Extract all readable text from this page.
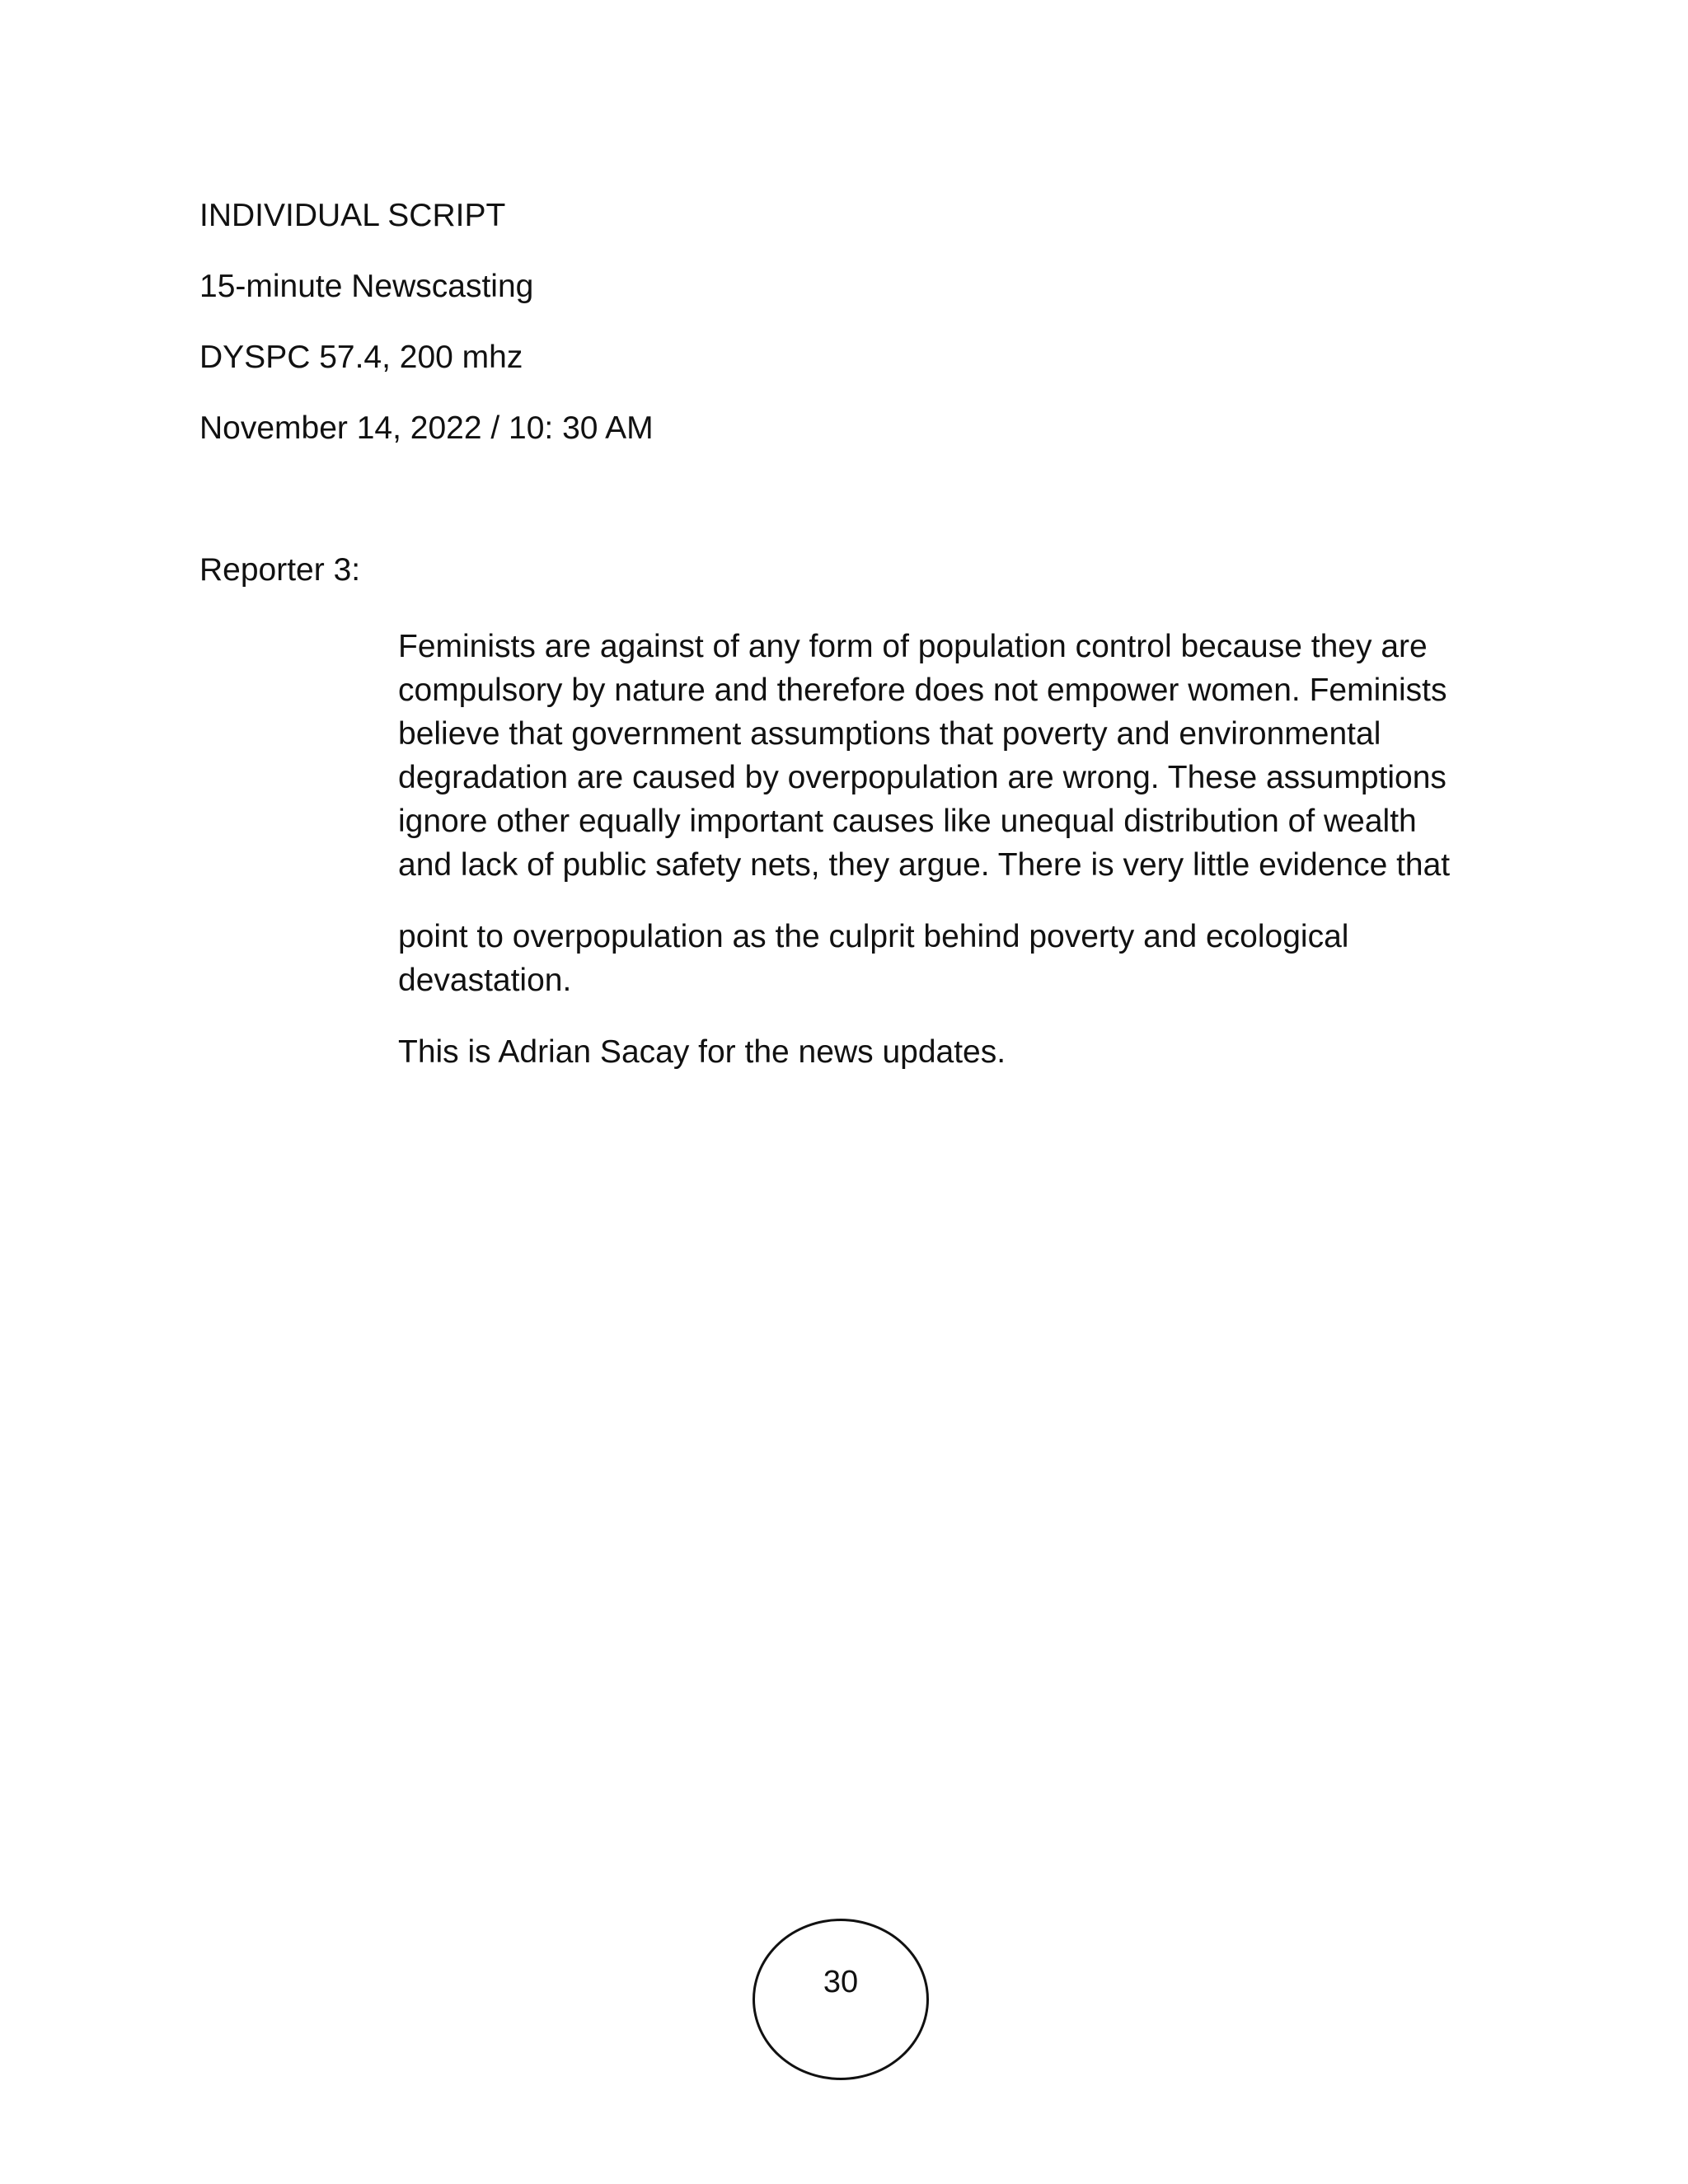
INDIVIDUAL SCRIPT
15-minute Newscasting
DYSPC 57.4, 200 mhz
November 14, 2022 / 10: 30 AM
Reporter 3:
Feminists are against of any form of population control because they are
compulsory by nature and therefore does not empower women. Feminists
believe that government assumptions that poverty and environmental
degradation are caused by overpopulation are wrong. These assumptions
ignore other equally important causes like unequal distribution of wealth
and lack of public safety nets, they argue. There is very little evidence that
point to overpopulation as the culprit behind poverty and ecological
devastation.
This is Adrian Sacay for the news updates.
30
